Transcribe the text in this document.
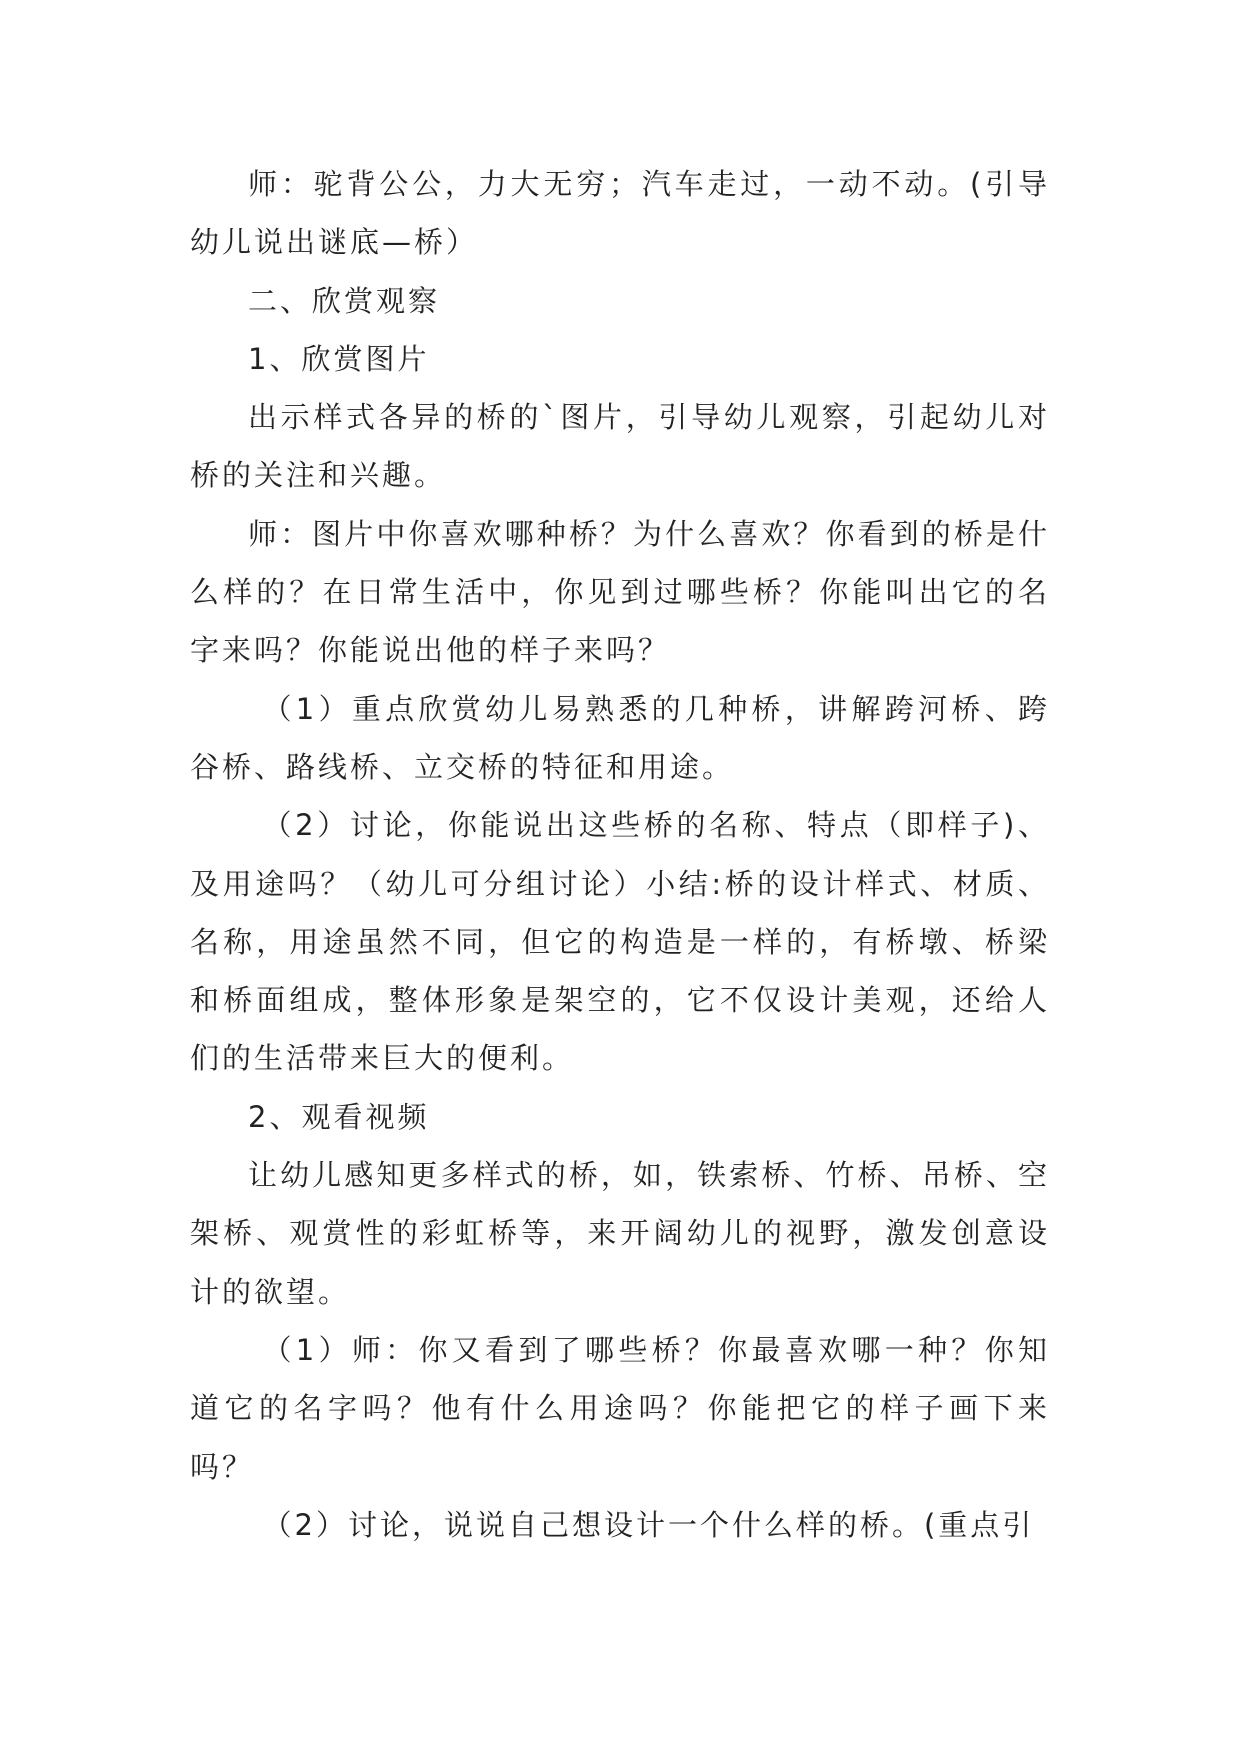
师：驼背公公，力大无穷；汽车走过，一动不动。(引导幼儿说出谜底—桥）

二、欣赏观察

1、欣赏图片

出示样式各异的桥的`图片，引导幼儿观察，引起幼儿对桥的关注和兴趣。

师：图片中你喜欢哪种桥？为什么喜欢？你看到的桥是什么样的？在日常生活中，你见到过哪些桥？你能叫出它的名字来吗？你能说出他的样子来吗？

（1）重点欣赏幼儿易熟悉的几种桥，讲解跨河桥、跨谷桥、路线桥、立交桥的特征和用途。

（2）讨论，你能说出这些桥的名称、特点（即样子)、及用途吗？（幼儿可分组讨论）小结:桥的设计样式、材质、名称，用途虽然不同，但它的构造是一样的，有桥墩、桥梁和桥面组成，整体形象是架空的，它不仅设计美观，还给人们的生活带来巨大的便利。

2、观看视频

让幼儿感知更多样式的桥，如，铁索桥、竹桥、吊桥、空架桥、观赏性的彩虹桥等，来开阔幼儿的视野，激发创意设计的欲望。

（1）师：你又看到了哪些桥？你最喜欢哪一种？你知道它的名字吗？他有什么用途吗？你能把它的样子画下来吗？

（2）讨论，说说自己想设计一个什么样的桥。(重点引
